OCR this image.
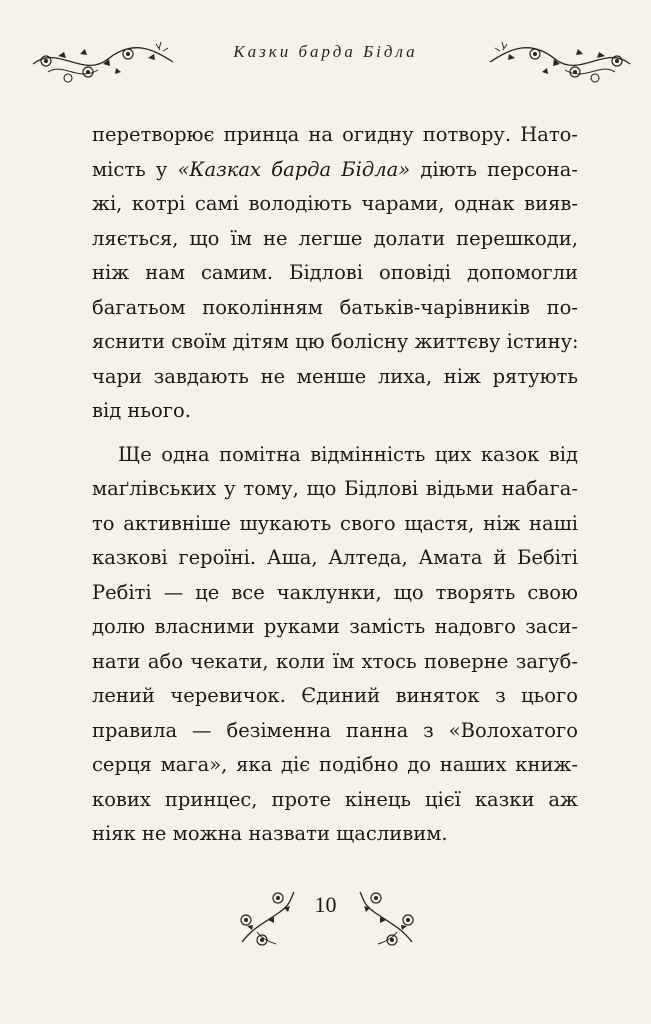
Казки барда Бідла
перетворює принца на огидну потвору. Нато-
мість у «Казках барда Бідла» діють персона-
жі, котрі самі володіють чарами, однак вияв-
ляється, що їм не легше долати перешкоди,
ніж нам самим. Бідлові оповіді допомогли
багатьом поколінням батьків-чарівників по-
яснити своїм дітям цю болісну життєву істину:
чари завдають не менше лиха, ніж рятують
від нього.
Ще одна помітна відмінність цих казок від
маґлівських у тому, що Бідлові відьми набага-
то активніше шукають свого щастя, ніж наші
казкові героїні. Аша, Алтеда, Амата й Бебіті
Ребіті — це все чаклунки, що творять свою
долю власними руками замість надовго заси-
нати або чекати, коли їм хтось поверне загуб-
лений черевичок. Єдиний виняток з цього
правила — безіменна панна з «Волохатого
серця мага», яка діє подібно до наших книж-
кових принцес, проте кінець цієї казки аж
ніяк не можна назвати щасливим.
10
